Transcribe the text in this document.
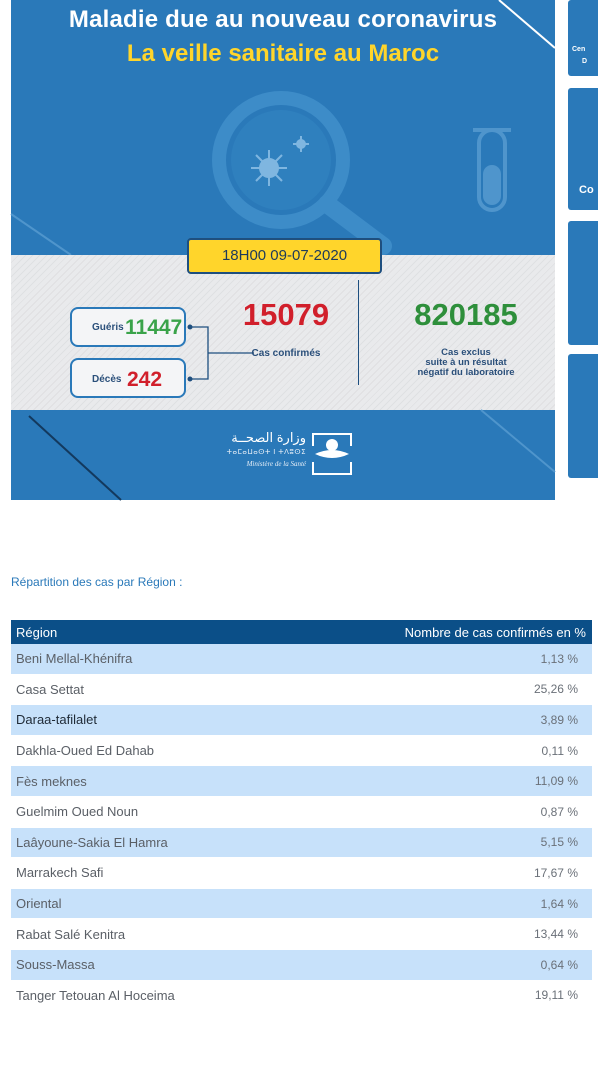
Maladie due au nouveau coronavirus
La veille sanitaire au Maroc
Guéris 11447
Décès 242
15079
Cas confirmés
820185
Cas exclus
suite à un résultat
négatif du laboratoire
18H00 09-07-2020
وزارة الصحــة
ⵜⴰⵎⴰⵡⴰⵙⵜ ⵏ ⵜⴷⵓⵙⵉ
Ministère de la Santé
Cen
D
Co
Répartition des cas par Région :
Région	Nombre de cas confirmés en %
Beni Mellal-Khénifra	1,13 %
Casa Settat	25,26 %
Daraa-tafilalet	3,89 %
Dakhla-Oued Ed Dahab	0,11 %
Fès meknes	11,09 %
Guelmim Oued Noun	0,87 %
Laâyoune-Sakia El Hamra	5,15 %
Marrakech Safi	17,67 %
Oriental	1,64 %
Rabat Salé Kenitra	13,44 %
Souss-Massa	0,64 %
Tanger Tetouan Al Hoceima	19,11 %
